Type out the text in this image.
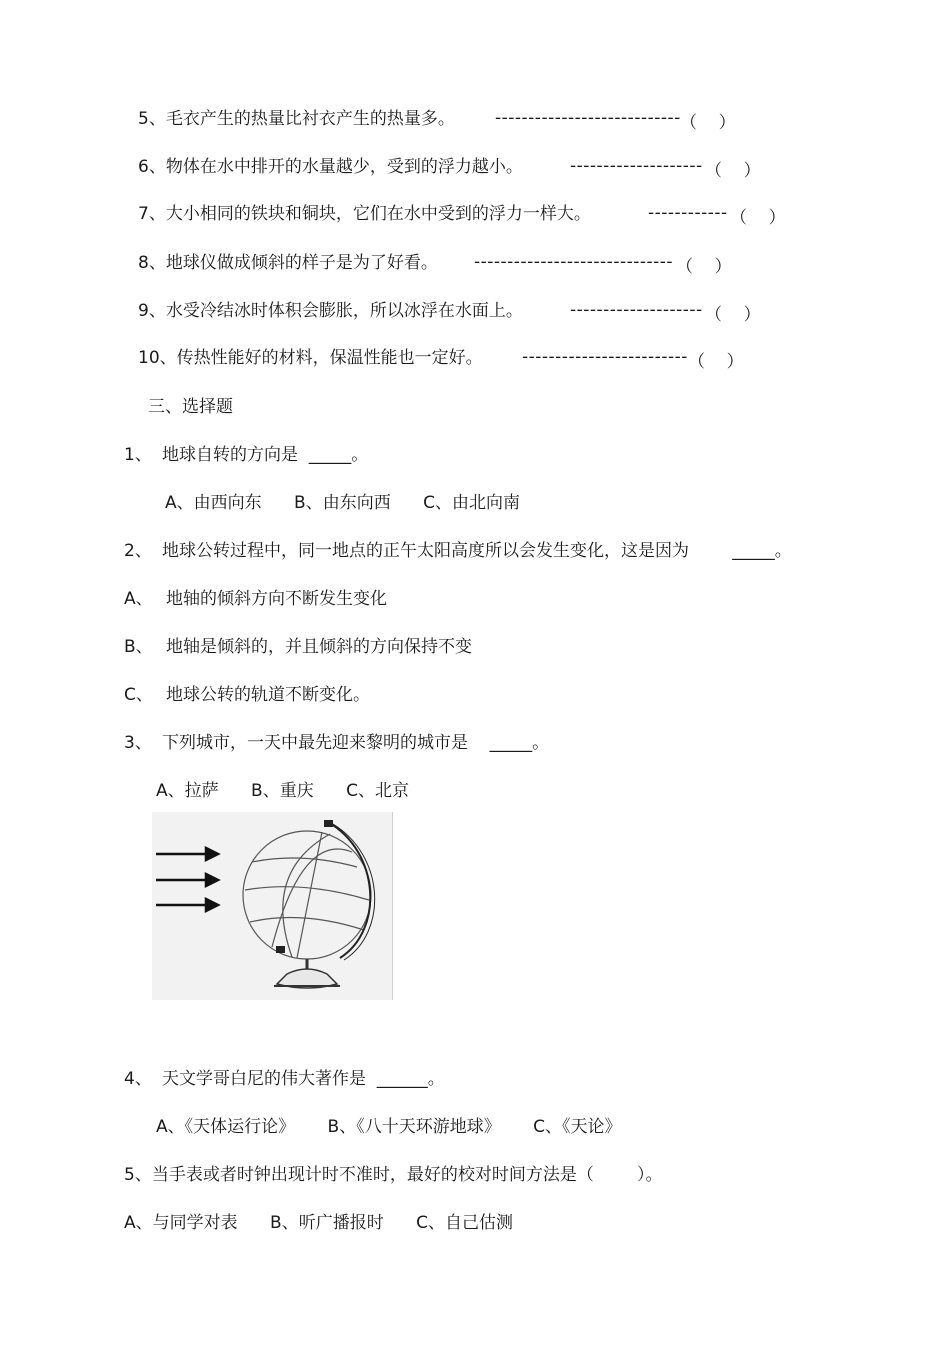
5、毛衣产生的热量比衬衣产生的热量多。 ---------------------------- （    ）
6、物体在水中排开的水量越少，受到的浮力越小。	-------------------- （    ）
7、大小相同的铁块和铜块，它们在水中受到的浮力一样大。	------------ （    ）
8、地球仪做成倾斜的样子是为了好看。 ------------------------------ （    ）
9、水受冷结冰时体积会膨胀，所以冰浮在水面上。	-------------------- （    ）
10、传热性能好的材料，保温性能也一定好。 ------------------------- （    ）
三、选择题
1、 地球自转的方向是  _____。
A、由西向东      B、由东向西      C、由北向南
2、 地球公转过程中，同一地点的正午太阳高度所以会发生变化，这是因为        _____。
A、 地轴的倾斜方向不断发生变化
B、 地轴是倾斜的，并且倾斜的方向保持不变
C、 地球公转的轨道不断变化。
3、 下列城市，一天中最先迎来黎明的城市是    _____。
A、拉萨      B、重庆      C、北京
4、 天文学哥白尼的伟大著作是  ______。
A、《天体运行论》      B、《八十天环游地球》      C、《天论》
5、当手表或者时钟出现计时不准时，最好的校对时间方法是（        ）。
A、与同学对表      B、听广播报时      C、自己估测
